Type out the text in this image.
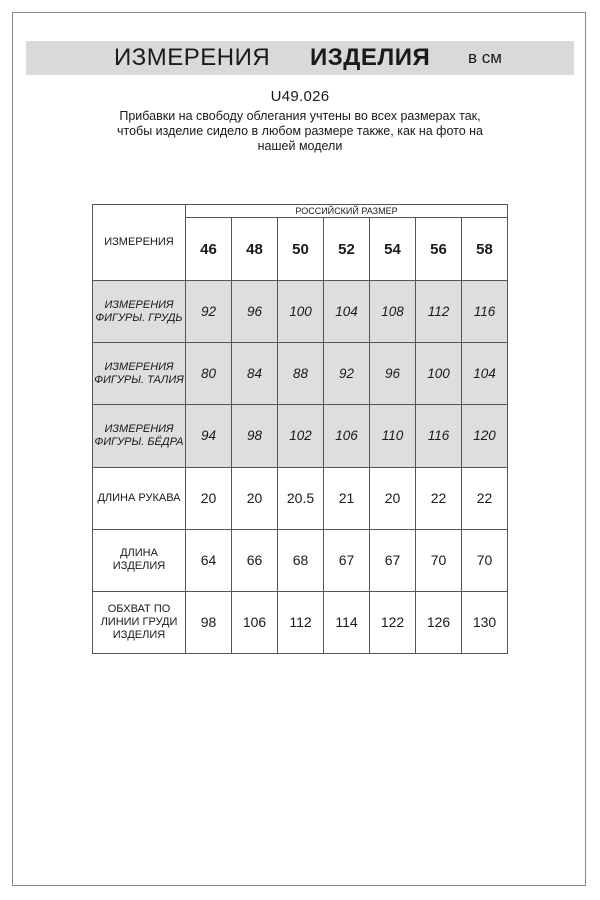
ИЗМЕРЕНИЯ ИЗДЕЛИЯ в см
U49.026

Прибавки на свободу облегания учтены во всех размерах так,
чтобы изделие сидело в любом размере также, как на фото на
нашей модели

ИЗМЕРЕНИЯ	РОССИЙСКИЙ РАЗМЕР						
	46	48	50	52	54	56	58

ИЗМЕРЕНИЯ
ФИГУРЫ. ГРУДЬ	92	96	100	104	108	112	116

ИЗМЕРЕНИЯ
ФИГУРЫ. ТАЛИЯ	80	84	88	92	96	100	104

ИЗМЕРЕНИЯ
ФИГУРЫ. БЁДРА	94	98	102	106	110	116	120

ДЛИНА РУКАВА	20	20	20.5	21	20	22	22

ДЛИНА ИЗДЕЛИЯ	64	66	68	67	67	70	70

ОБХВАТ ПО
ЛИНИИ ГРУДИ
ИЗДЕЛИЯ	98	106	112	114	122	126	130
